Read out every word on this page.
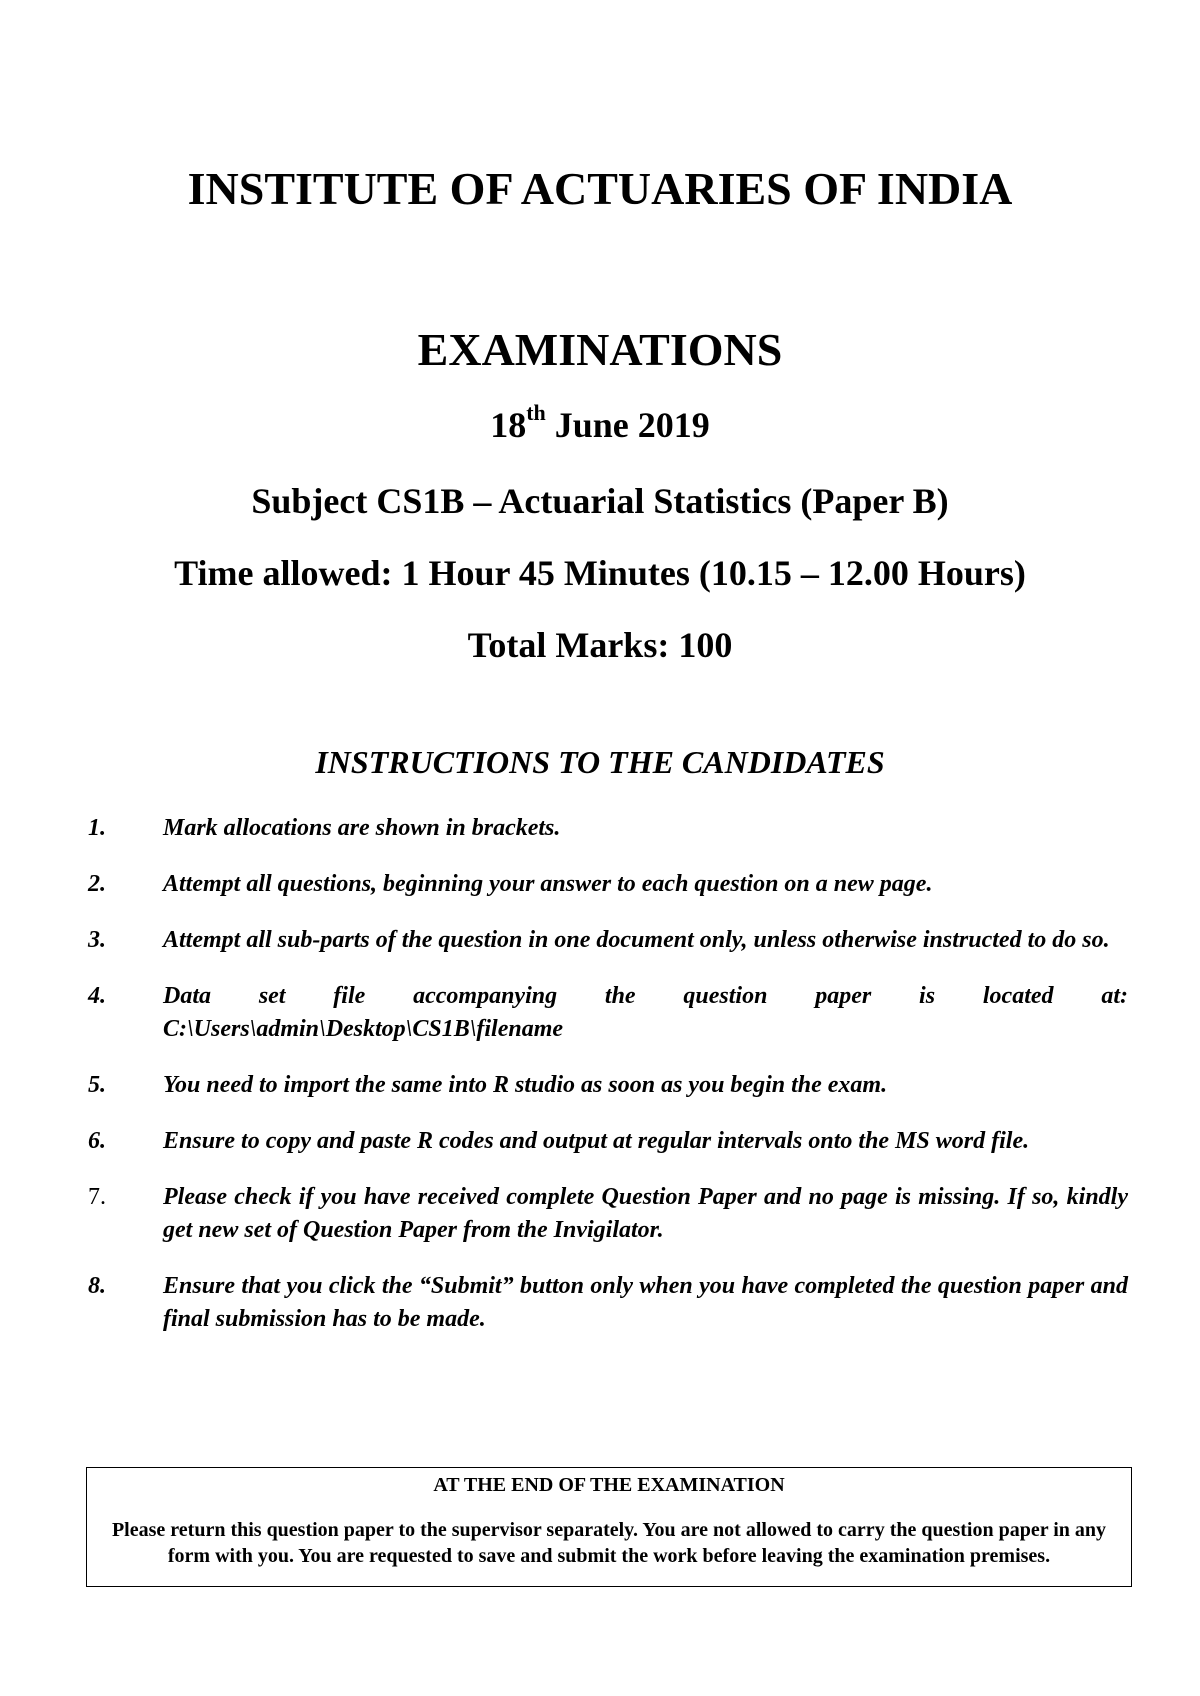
INSTITUTE OF ACTUARIES OF INDIA
EXAMINATIONS
18th June 2019
Subject CS1B – Actuarial Statistics (Paper B)
Time allowed: 1 Hour 45 Minutes (10.15 – 12.00 Hours)
Total Marks: 100
INSTRUCTIONS TO THE CANDIDATES
1.	Mark allocations are shown in brackets.
2.	Attempt all questions, beginning your answer to each question on a new page.
3.	Attempt all sub-parts of the question in one document only, unless otherwise instructed to do so.
4.	Data set file accompanying the question paper is located at:
C:\Users\admin\Desktop\CS1B\filename
5.	You need to import the same into R studio as soon as you begin the exam.
6.	Ensure to copy and paste R codes and output at regular intervals onto the MS word file.
7.	Please check if you have received complete Question Paper and no page is missing. If so, kindly get new set of Question Paper from the Invigilator.
8.	Ensure that you click the “Submit” button only when you have completed the question paper and final submission has to be made.
AT THE END OF THE EXAMINATION
Please return this question paper to the supervisor separately. You are not allowed to carry the question paper in any form with you. You are requested to save and submit the work before leaving the examination premises.
